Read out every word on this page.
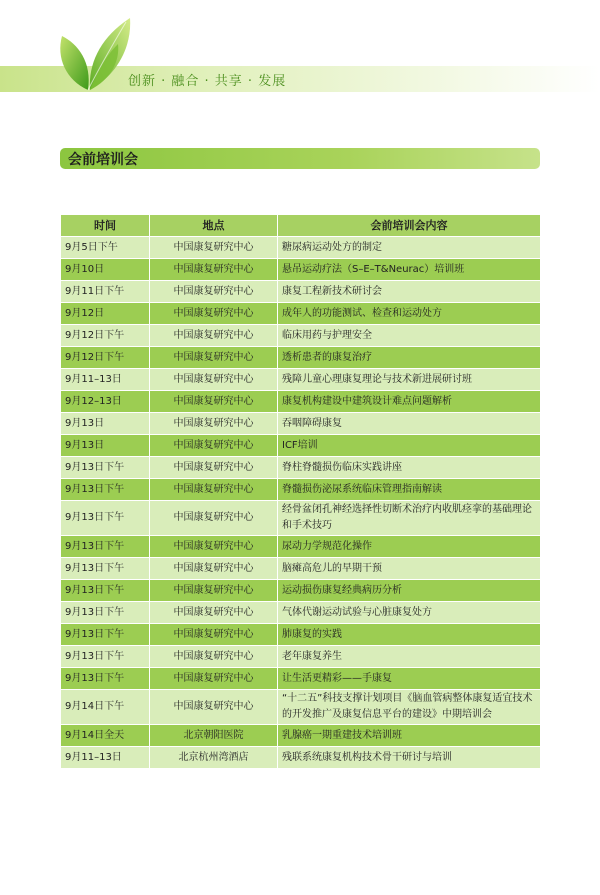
创新 · 融合 · 共享 · 发展
会前培训会
时间	地点	会前培训会内容
9月5日下午	中国康复研究中心	糖尿病运动处方的制定
9月10日	中国康复研究中心	悬吊运动疗法（S–E–T&Neurac）培训班
9月11日下午	中国康复研究中心	康复工程新技术研讨会
9月12日	中国康复研究中心	成年人的功能测试、检查和运动处方
9月12日下午	中国康复研究中心	临床用药与护理安全
9月12日下午	中国康复研究中心	透析患者的康复治疗
9月11–13日	中国康复研究中心	残障儿童心理康复理论与技术新进展研讨班
9月12–13日	中国康复研究中心	康复机构建设中建筑设计难点问题解析
9月13日	中国康复研究中心	吞咽障碍康复
9月13日	中国康复研究中心	ICF培训
9月13日下午	中国康复研究中心	脊柱脊髓损伤临床实践讲座
9月13日下午	中国康复研究中心	脊髓损伤泌尿系统临床管理指南解读
9月13日下午	中国康复研究中心	经骨盆闭孔神经选择性切断术治疗内收肌痉挛的基础理论和手术技巧
9月13日下午	中国康复研究中心	尿动力学规范化操作
9月13日下午	中国康复研究中心	脑瘫高危儿的早期干预
9月13日下午	中国康复研究中心	运动损伤康复经典病历分析
9月13日下午	中国康复研究中心	气体代谢运动试验与心脏康复处方
9月13日下午	中国康复研究中心	肺康复的实践
9月13日下午	中国康复研究中心	老年康复养生
9月13日下午	中国康复研究中心	让生活更精彩——手康复
9月14日下午	中国康复研究中心	“十二五”科技支撑计划项目《脑血管病整体康复适宜技术的开发推广及康复信息平台的建设》中期培训会
9月14日全天	北京朝阳医院	乳腺癌一期重建技术培训班
9月11–13日	北京杭州湾酒店	残联系统康复机构技术骨干研讨与培训
